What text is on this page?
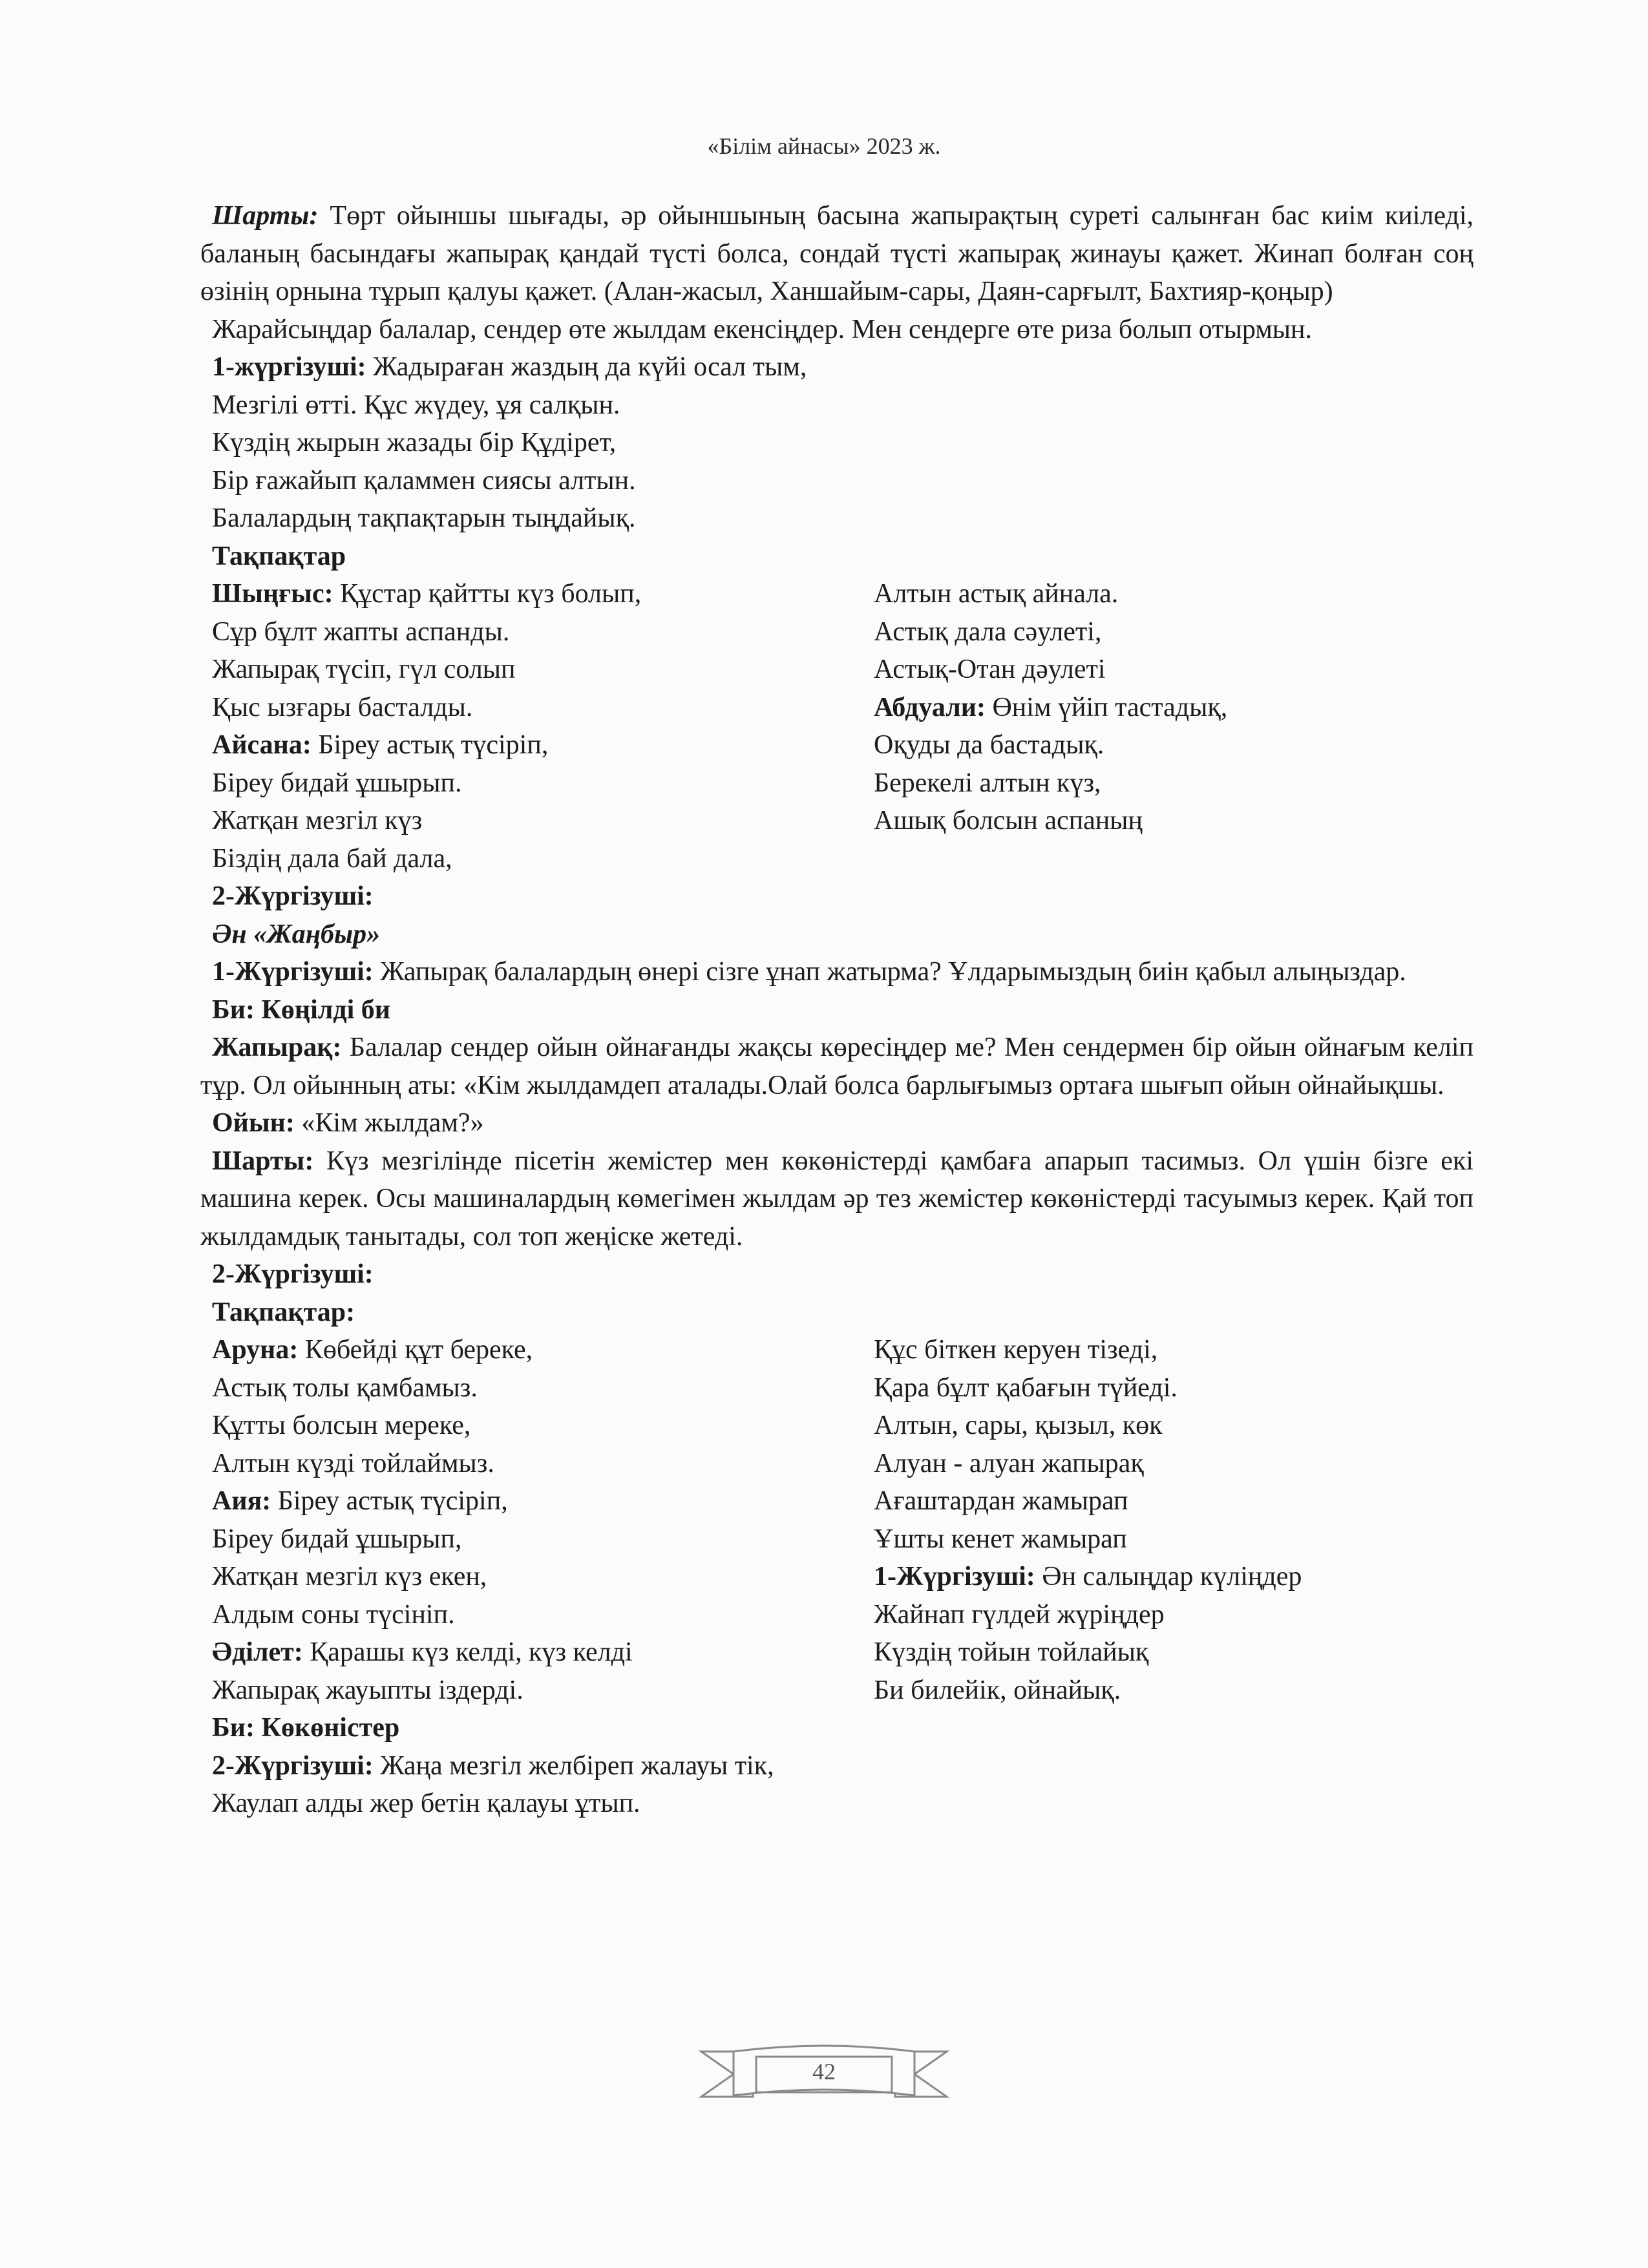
«Білім айнасы» 2023 ж.

Шарты: Төрт ойыншы шығады, әр ойыншының басына жапырақтың суреті салынған бас киім киіледі, баланың басындағы жапырақ қандай түсті болса, сондай түсті жапырақ жинауы қажет. Жинап болған соң өзінің орнына тұрып қалуы қажет. (Алан-жасыл, Ханшайым-сары, Даян-сарғылт, Бахтияр-қоңыр)

Жарайсыңдар балалар, сендер өте жылдам екенсіңдер. Мен сендерге өте риза болып отырмын.

1-жүргізуші: Жадыраған жаздың да күйі осал тым,

Мезгілі өтті. Құс жүдеу, ұя салқын.

Күздің жырын жазады бір Құдірет,

Бір ғажайып қаламмен сиясы алтын.

Балалардың тақпақтарын тыңдайық.

Тақпақтар

Шыңғыс: Құстар қайтты күз болып,

Сұр бұлт жапты аспанды.

Жапырақ түсіп, гүл солып

Қыс ызғары басталды.

Айсана: Біреу астық түсіріп,

Біреу бидай ұшырып.

Жатқан мезгіл күз

Біздің дала бай дала,

Алтын астық айнала.

Астық дала сәулеті,

Астық-Отан дәулеті

Абдуали: Өнім үйіп тастадық,

Оқуды да бастадық.

Берекелі алтын күз,

Ашық болсын аспаның

2-Жүргізуші:

Ән «Жаңбыр»

1-Жүргізуші: Жапырақ балалардың өнері сізге ұнап жатырма? Ұлдарымыздың биін қабыл алыңыздар.

Би: Көңілді би

Жапырақ: Балалар сендер ойын ойнағанды жақсы көресіңдер ме? Мен сендермен бір ойын ойнағым келіп тұр. Ол ойынның аты: «Кім жылдамдеп аталады.Олай болса барлығымыз ортаға шығып ойын ойнайықшы.

Ойын: «Кім жылдам?»

Шарты: Күз мезгілінде пісетін жемістер мен көкөністерді қамбаға апарып тасимыз. Ол үшін бізге екі машина керек. Осы машиналардың көмегімен жылдам әр тез жемістер көкөністерді тасуымыз керек. Қай топ жылдамдық танытады, сол топ жеңіске жетеді.

2-Жүргізуші:

Тақпақтар:

Аруна: Көбейді құт береке,

Астық толы қамбамыз.

Құтты болсын мереке,

Алтын күзді тойлаймыз.

Аия: Біреу астық түсіріп,

Біреу бидай ұшырып,

Жатқан мезгіл күз екен,

Алдым соны түсініп.

Әділет: Қарашы күз келді, күз келді

Жапырақ жауыпты іздерді.

Құс біткен керуен тізеді,

Қара бұлт қабағын түйеді.

Алтын, сары, қызыл, көк

Алуан - алуан жапырақ

Ағаштардан жамырап

Ұшты кенет жамырап

1-Жүргізуші: Ән салыңдар күліңдер

Жайнап гүлдей жүріңдер

Күздің тойын тойлайық

Би билейік, ойнайық.

Би: Көкөністер

2-Жүргізуші: Жаңа мезгіл желбіреп жалауы тік,

Жаулап алды жер бетін қалауы ұтып.

42
